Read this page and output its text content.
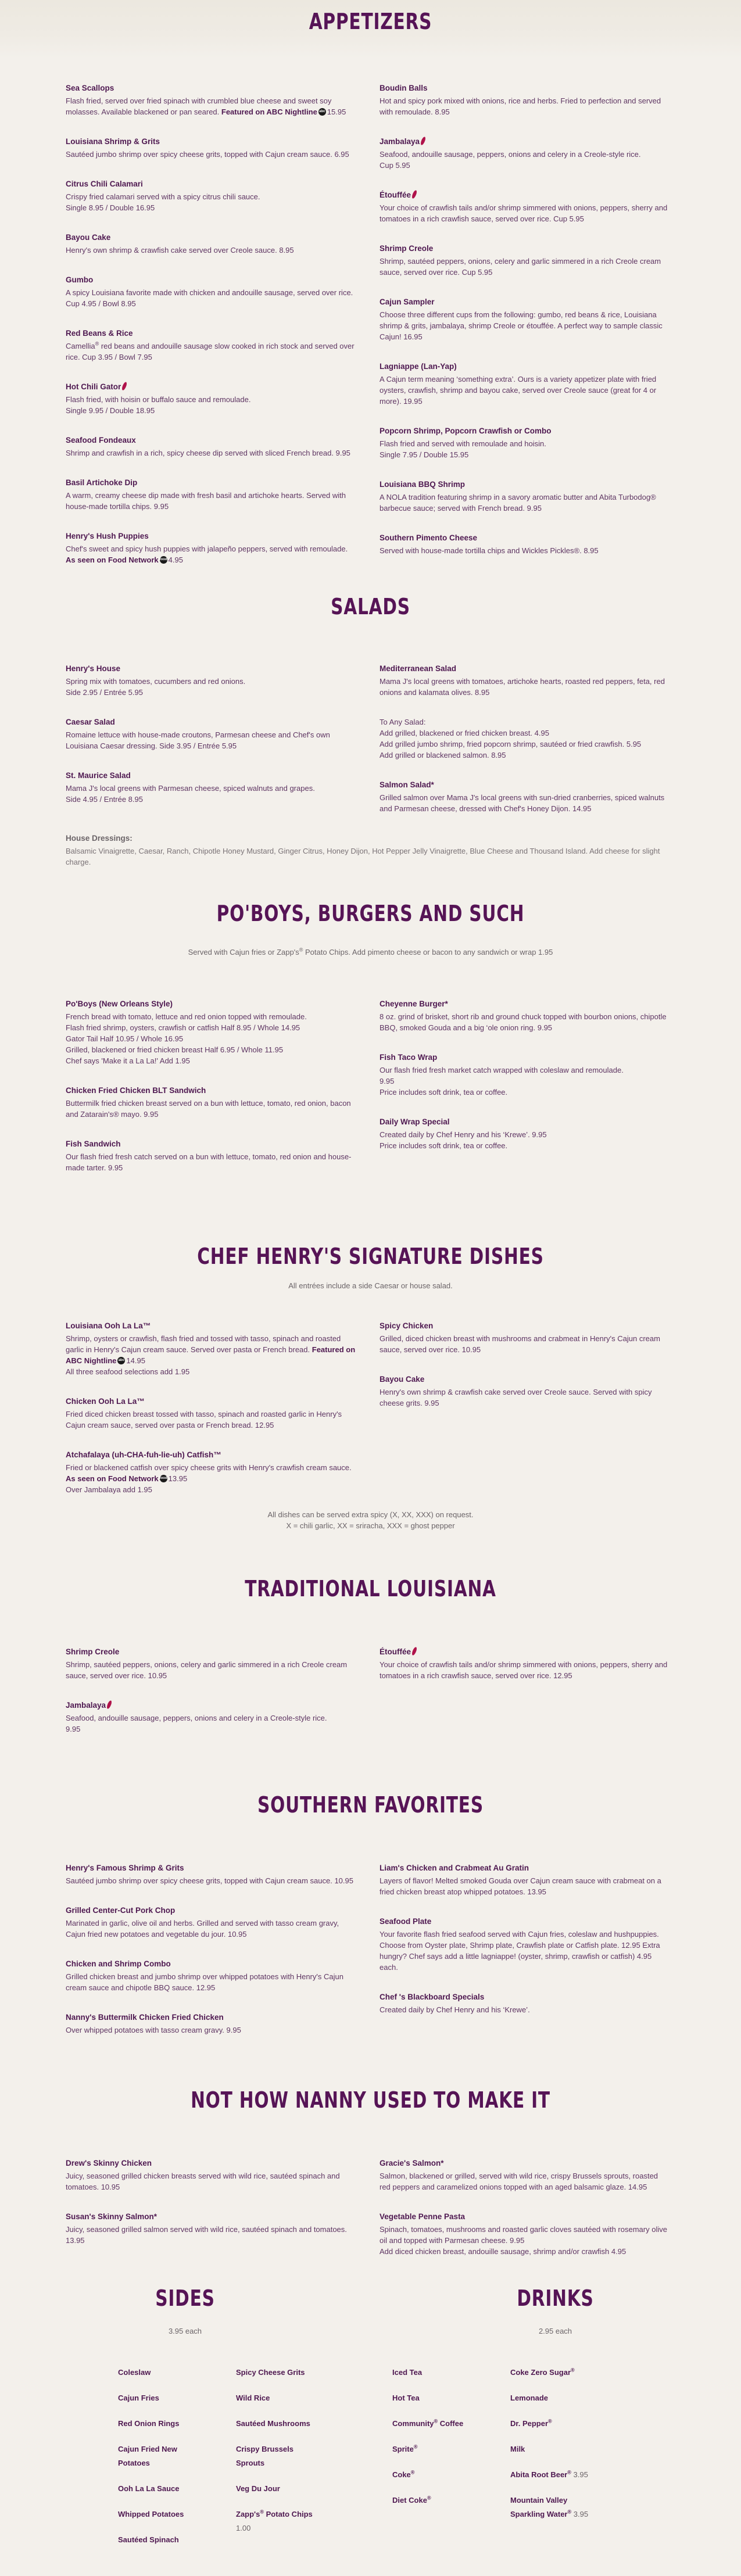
APPETIZERS
Sea Scallops
Flash fried, served over fried spinach with crumbled blue cheese and sweet soy molasses. Available blackened or pan seared. Featured on ABC Nightline abc 15.95
Louisiana Shrimp & Grits
Sautéed jumbo shrimp over spicy cheese grits, topped with Cajun cream sauce. 6.95
Citrus Chili Calamari
Crispy fried calamari served with a spicy citrus chili sauce.
Single 8.95 / Double 16.95
Bayou Cake
Henry's own shrimp & crawfish cake served over Creole sauce. 8.95
Gumbo
A spicy Louisiana favorite made with chicken and andouille sausage, served over rice. Cup 4.95 / Bowl 8.95
Red Beans & Rice
Camellia® red beans and andouille sausage slow cooked in rich stock and served over rice. Cup 3.95 / Bowl 7.95
Hot Chili Gator
Flash fried, with hoisin or buffalo sauce and remoulade.
Single 9.95 / Double 18.95
Seafood Fondeaux
Shrimp and crawfish in a rich, spicy cheese dip served with sliced French bread. 9.95
Basil Artichoke Dip
A warm, creamy cheese dip made with fresh basil and artichoke hearts. Served with house-made tortilla chips. 9.95
Henry's Hush Puppies
Chef's sweet and spicy hush puppies with jalapeño peppers, served with remoulade. As seen on Food Network food 4.95
Boudin Balls
Hot and spicy pork mixed with onions, rice and herbs. Fried to perfection and served with remoulade. 8.95
Jambalaya
Seafood, andouille sausage, peppers, onions and celery in a Creole-style rice.
Cup 5.95
Étouffée
Your choice of crawfish tails and/or shrimp simmered with onions, peppers, sherry and tomatoes in a rich crawfish sauce, served over rice. Cup 5.95
Shrimp Creole
Shrimp, sautéed peppers, onions, celery and garlic simmered in a rich Creole cream sauce, served over rice. Cup 5.95
Cajun Sampler
Choose three different cups from the following: gumbo, red beans & rice, Louisiana shrimp & grits, jambalaya, shrimp Creole or étouffée. A perfect way to sample classic Cajun! 16.95
Lagniappe (Lan-Yap)
A Cajun term meaning ‘something extra’. Ours is a variety appetizer plate with fried oysters, crawfish, shrimp and bayou cake, served over Creole sauce (great for 4 or more). 19.95
Popcorn Shrimp, Popcorn Crawfish or Combo
Flash fried and served with remoulade and hoisin.
Single 7.95 / Double 15.95
Louisiana BBQ Shrimp
A NOLA tradition featuring shrimp in a savory aromatic butter and Abita Turbodog® barbecue sauce; served with French bread. 9.95
Southern Pimento Cheese
Served with house-made tortilla chips and Wickles Pickles®. 8.95
SALADS
Henry's House
Spring mix with tomatoes, cucumbers and red onions.
Side 2.95 / Entrée 5.95
Caesar Salad
Romaine lettuce with house-made croutons, Parmesan cheese and Chef's own Louisiana Caesar dressing. Side 3.95 / Entrée 5.95
St. Maurice Salad
Mama J's local greens with Parmesan cheese, spiced walnuts and grapes.
Side 4.95 / Entrée 8.95
Mediterranean Salad
Mama J's local greens with tomatoes, artichoke hearts, roasted red peppers, feta, red onions and kalamata olives. 8.95
To Any Salad:
Add grilled, blackened or fried chicken breast. 4.95
Add grilled jumbo shrimp, fried popcorn shrimp, sautéed or fried crawfish. 5.95
Add grilled or blackened salmon. 8.95
Salmon Salad*
Grilled salmon over Mama J's local greens with sun-dried cranberries, spiced walnuts and Parmesan cheese, dressed with Chef's Honey Dijon. 14.95
House Dressings:
Balsamic Vinaigrette, Caesar, Ranch, Chipotle Honey Mustard, Ginger Citrus, Honey Dijon, Hot Pepper Jelly Vinaigrette, Blue Cheese and Thousand Island. Add cheese for slight charge.
PO'BOYS, BURGERS AND SUCH
Served with Cajun fries or Zapp's® Potato Chips. Add pimento cheese or bacon to any sandwich or wrap 1.95
Po'Boys (New Orleans Style)
French bread with tomato, lettuce and red onion topped with remoulade.
Flash fried shrimp, oysters, crawfish or catfish Half 8.95 / Whole 14.95
Gator Tail Half 10.95 / Whole 16.95
Grilled, blackened or fried chicken breast Half 6.95 / Whole 11.95
Chef says 'Make it a La La!' Add 1.95
Chicken Fried Chicken BLT Sandwich
Buttermilk fried chicken breast served on a bun with lettuce, tomato, red onion, bacon and Zatarain's® mayo. 9.95
Fish Sandwich
Our flash fried fresh catch served on a bun with lettuce, tomato, red onion and house-made tarter. 9.95
Cheyenne Burger*
8 oz. grind of brisket, short rib and ground chuck topped with bourbon onions, chipotle BBQ, smoked Gouda and a big ‘ole onion ring. 9.95
Fish Taco Wrap
Our flash fried fresh market catch wrapped with coleslaw and remoulade.
9.95
Price includes soft drink, tea or coffee.
Daily Wrap Special
Created daily by Chef Henry and his ‘Krewe’. 9.95
Price includes soft drink, tea or coffee.
CHEF HENRY'S SIGNATURE DISHES
All entrées include a side Caesar or house salad.
Louisiana Ooh La La™
Shrimp, oysters or crawfish, flash fried and tossed with tasso, spinach and roasted garlic in Henry's Cajun cream sauce. Served over pasta or French bread. Featured on ABC Nightline abc 14.95
All three seafood selections add 1.95
Chicken Ooh La La™
Fried diced chicken breast tossed with tasso, spinach and roasted garlic in Henry's Cajun cream sauce, served over pasta or French bread. 12.95
Atchafalaya (uh-CHA-fuh-lie-uh) Catfish™
Fried or blackened catfish over spicy cheese grits with Henry's crawfish cream sauce. As seen on Food Network food 13.95
Over Jambalaya add 1.95
Spicy Chicken
Grilled, diced chicken breast with mushrooms and crabmeat in Henry's Cajun cream sauce, served over rice. 10.95
Bayou Cake
Henry's own shrimp & crawfish cake served over Creole sauce. Served with spicy cheese grits. 9.95
All dishes can be served extra spicy (X, XX, XXX) on request.
X = chili garlic, XX = sriracha, XXX = ghost pepper
TRADITIONAL LOUISIANA
Shrimp Creole
Shrimp, sautéed peppers, onions, celery and garlic simmered in a rich Creole cream sauce, served over rice. 10.95
Jambalaya
Seafood, andouille sausage, peppers, onions and celery in a Creole-style rice.
9.95
Étouffée
Your choice of crawfish tails and/or shrimp simmered with onions, peppers, sherry and tomatoes in a rich crawfish sauce, served over rice. 12.95
SOUTHERN FAVORITES
Henry's Famous Shrimp & Grits
Sautéed jumbo shrimp over spicy cheese grits, topped with Cajun cream sauce. 10.95
Grilled Center-Cut Pork Chop
Marinated in garlic, olive oil and herbs. Grilled and served with tasso cream gravy, Cajun fried new potatoes and vegetable du jour. 10.95
Chicken and Shrimp Combo
Grilled chicken breast and jumbo shrimp over whipped potatoes with Henry's Cajun cream sauce and chipotle BBQ sauce. 12.95
Nanny's Buttermilk Chicken Fried Chicken
Over whipped potatoes with tasso cream gravy. 9.95
Liam's Chicken and Crabmeat Au Gratin
Layers of flavor! Melted smoked Gouda over Cajun cream sauce with crabmeat on a fried chicken breast atop whipped potatoes. 13.95
Seafood Plate
Your favorite flash fried seafood served with Cajun fries, coleslaw and hushpuppies. Choose from Oyster plate, Shrimp plate, Crawfish plate or Catfish plate. 12.95 Extra hungry? Chef says add a little lagniappe! (oyster, shrimp, crawfish or catfish) 4.95 each.
Chef 's Blackboard Specials
Created daily by Chef Henry and his ‘Krewe’.
NOT HOW NANNY USED TO MAKE IT
Drew's Skinny Chicken
Juicy, seasoned grilled chicken breasts served with wild rice, sautéed spinach and tomatoes. 10.95
Susan's Skinny Salmon*
Juicy, seasoned grilled salmon served with wild rice, sautéed spinach and tomatoes. 13.95
Gracie's Salmon*
Salmon, blackened or grilled, served with wild rice, crispy Brussels sprouts, roasted red peppers and caramelized onions topped with an aged balsamic glaze. 14.95
Vegetable Penne Pasta
Spinach, tomatoes, mushrooms and roasted garlic cloves sautéed with rosemary olive oil and topped with Parmesan cheese. 9.95
Add diced chicken breast, andouille sausage, shrimp and/or crawfish 4.95
SIDES
3.95 each
Coleslaw
Cajun Fries
Red Onion Rings
Cajun Fried New Potatoes
Ooh La La Sauce
Whipped Potatoes
Sautéed Spinach
Spicy Cheese Grits
Wild Rice
Sautéed Mushrooms
Crispy Brussels Sprouts
Veg Du Jour
Zapp's® Potato Chips
1.00
DRINKS
2.95 each
Iced Tea
Hot Tea
Community® Coffee
Sprite®
Coke®
Diet Coke®
Coke Zero Sugar®
Lemonade
Dr. Pepper®
Milk
Abita Root Beer® 3.95
Mountain Valley Sparkling Water® 3.95
